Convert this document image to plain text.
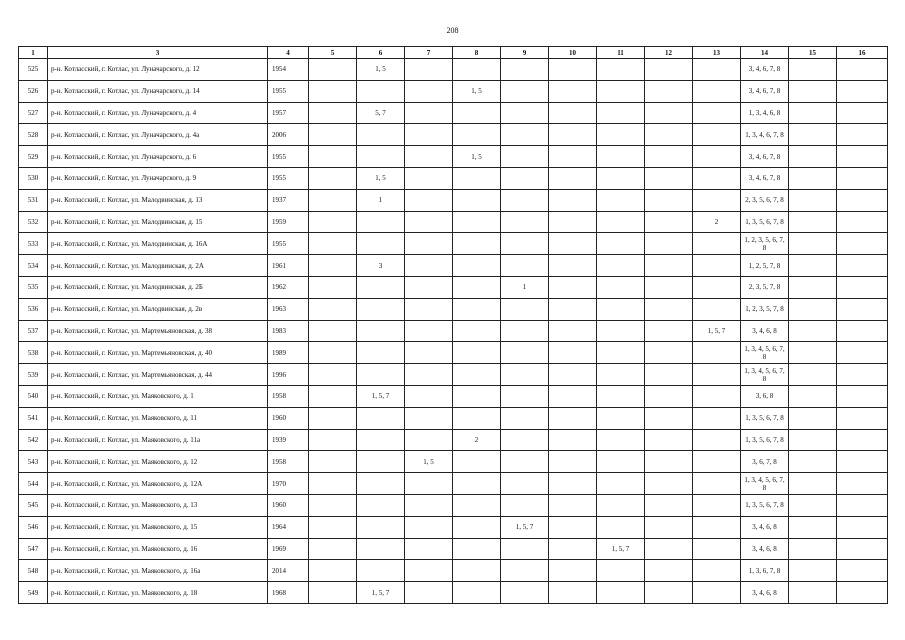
208
1	3	4	5	6	7	8	9	10	11	12	13	14	15	16
525	р-н. Котласский, г. Котлас, ул. Луначарского, д. 12	1954		1, 5								3, 4, 6, 7, 8		
526	р-н. Котласский, г. Котлас, ул. Луначарского, д. 14	1955				1, 5						3, 4, 6, 7, 8		
527	р-н. Котласский, г. Котлас, ул. Луначарского, д. 4	1957		5, 7								1, 3, 4, 6, 8		
528	р-н. Котласский, г. Котлас, ул. Луначарского, д. 4а	2006										1, 3, 4, 6, 7, 8		
529	р-н. Котласский, г. Котлас, ул. Луначарского, д. 6	1955				1, 5						3, 4, 6, 7, 8		
530	р-н. Котласский, г. Котлас, ул. Луначарского, д. 9	1955		1, 5								3, 4, 6, 7, 8		
531	р-н. Котласский, г. Котлас, ул. Малодвинская, д. 13	1937		1								2, 3, 5, 6, 7, 8		
532	р-н. Котласский, г. Котлас, ул. Малодвинская, д. 15	1959									2	1, 3, 5, 6, 7, 8		
533	р-н. Котласский, г. Котлас, ул. Малодвинская, д. 16А	1955										1, 2, 3, 5, 6, 7, 8		
534	р-н. Котласский, г. Котлас, ул. Малодвинская, д. 2А	1961		3								1, 2, 5, 7, 8		
535	р-н. Котласский, г. Котлас, ул. Малодвинская, д. 2Б	1962					1					2, 3, 5, 7, 8		
536	р-н. Котласский, г. Котлас, ул. Малодвинская, д. 2в	1963										1, 2, 3, 5, 7, 8		
537	р-н. Котласский, г. Котлас, ул. Мартемьяновская, д. 38	1983									1, 5, 7	3, 4, 6, 8		
538	р-н. Котласский, г. Котлас, ул. Мартемьяновская, д. 40	1989										1, 3, 4, 5, 6, 7, 8		
539	р-н. Котласский, г. Котлас, ул. Мартемьяновская, д. 44	1996										1, 3, 4, 5, 6, 7, 8		
540	р-н. Котласский, г. Котлас, ул. Маяковского, д. 1	1958		1, 5, 7								3, 6, 8		
541	р-н. Котласский, г. Котлас, ул. Маяковского, д. 11	1960										1, 3, 5, 6, 7, 8		
542	р-н. Котласский, г. Котлас, ул. Маяковского, д. 11а	1939				2						1, 3, 5, 6, 7, 8		
543	р-н. Котласский, г. Котлас, ул. Маяковского, д. 12	1958			1, 5							3, 6, 7, 8		
544	р-н. Котласский, г. Котлас, ул. Маяковского, д. 12А	1970										1, 3, 4, 5, 6, 7, 8		
545	р-н. Котласский, г. Котлас, ул. Маяковского, д. 13	1960										1, 3, 5, 6, 7, 8		
546	р-н. Котласский, г. Котлас, ул. Маяковского, д. 15	1964					1, 5, 7					3, 4, 6, 8		
547	р-н. Котласский, г. Котлас, ул. Маяковского, д. 16	1969							1, 5, 7			3, 4, 6, 8		
548	р-н. Котласский, г. Котлас, ул. Маяковского, д. 16а	2014										1, 3, 6, 7, 8		
549	р-н. Котласский, г. Котлас, ул. Маяковского, д. 18	1968		1, 5, 7								3, 4, 6, 8		
